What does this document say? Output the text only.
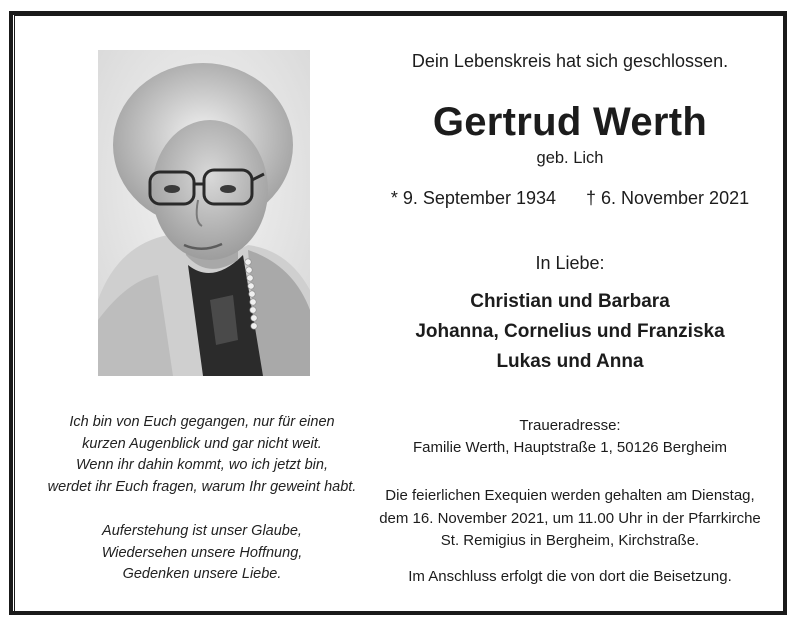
Ich bin von Euch gegangen, nur für einen
kurzen Augenblick und gar nicht weit.
Wenn ihr dahin kommt, wo ich jetzt bin,
werdet ihr Euch fragen, warum Ihr geweint habt.
Auferstehung ist unser Glaube,
Wiedersehen unsere Hoffnung,
Gedenken unsere Liebe.
Dein Lebenskreis hat sich geschlossen.
Gertrud Werth
geb. Lich
* 9. September 1934 † 6. November 2021
In Liebe:
Christian und Barbara
Johanna, Cornelius und Franziska
Lukas und Anna
Traueradresse:
Familie Werth, Hauptstraße 1, 50126 Bergheim
Die feierlichen Exequien werden gehalten am Dienstag,
dem 16. November 2021, um 11.00 Uhr in der Pfarrkirche
St. Remigius in Bergheim, Kirchstraße.
Im Anschluss erfolgt die von dort die Beisetzung.
